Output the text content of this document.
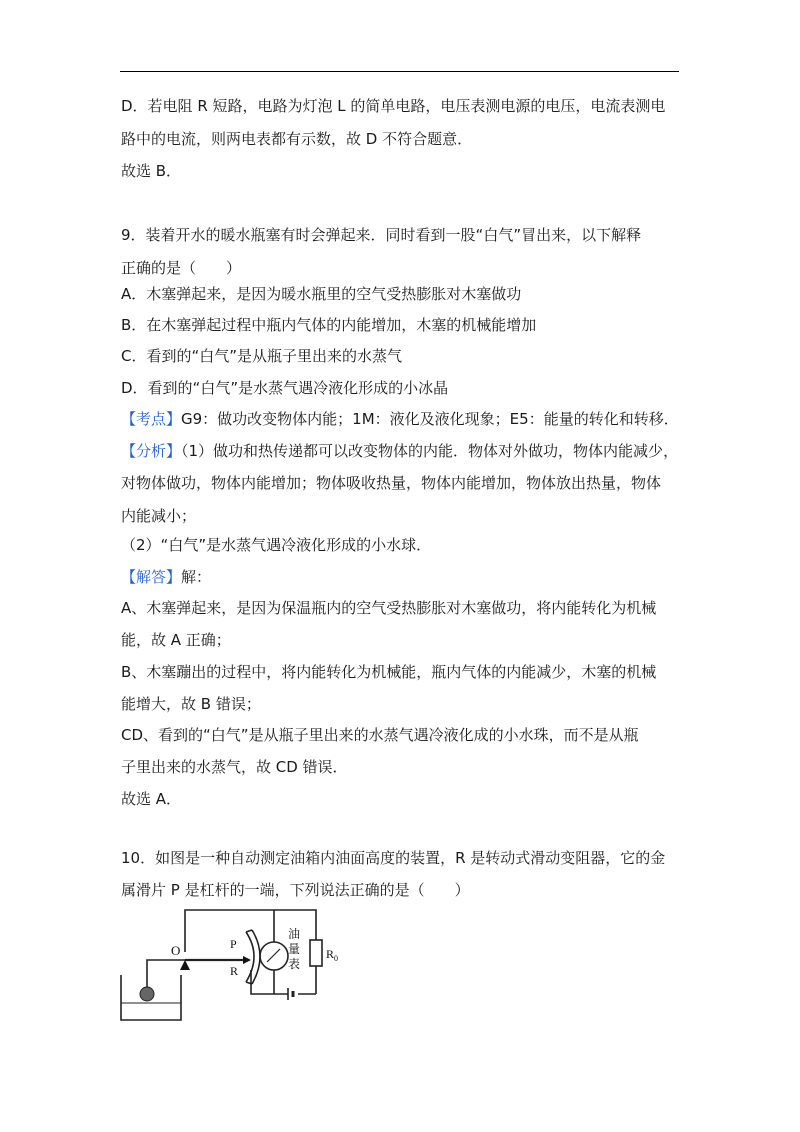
D．若电阻 R 短路，电路为灯泡 L 的简单电路，电压表测电源的电压，电流表测电
路中的电流，则两电表都有示数，故 D 不符合题意．
故选 B．
9．装着开水的暖水瓶塞有时会弹起来．同时看到一股“白气”冒出来，以下解释
正确的是（　　）
A．木塞弹起来，是因为暖水瓶里的空气受热膨胀对木塞做功
B．在木塞弹起过程中瓶内气体的内能增加，木塞的机械能增加
C．看到的“白气”是从瓶子里出来的水蒸气
D．看到的“白气”是水蒸气遇冷液化形成的小冰晶
【考点】G9：做功改变物体内能；1M：液化及液化现象；E5：能量的转化和转移．
【分析】（1）做功和热传递都可以改变物体的内能．物体对外做功，物体内能减少，
对物体做功，物体内能增加；物体吸收热量，物体内能增加，物体放出热量，物体
内能减小；
（2）“白气”是水蒸气遇冷液化形成的小水球．
【解答】解：
A、木塞弹起来，是因为保温瓶内的空气受热膨胀对木塞做功，将内能转化为机械
能，故 A 正确；
B、木塞蹦出的过程中，将内能转化为机械能，瓶内气体的内能减少，木塞的机械
能增大，故 B 错误；
CD、看到的“白气”是从瓶子里出来的水蒸气遇冷液化成的小水珠，而不是从瓶
子里出来的水蒸气，故 CD 错误．
故选 A．
10．如图是一种自动测定油箱内油面高度的装置，R 是转动式滑动变阻器，它的金
属滑片 P 是杠杆的一端，下列说法正确的是（　　）
O	P
R
油 量 表
$R_0$
